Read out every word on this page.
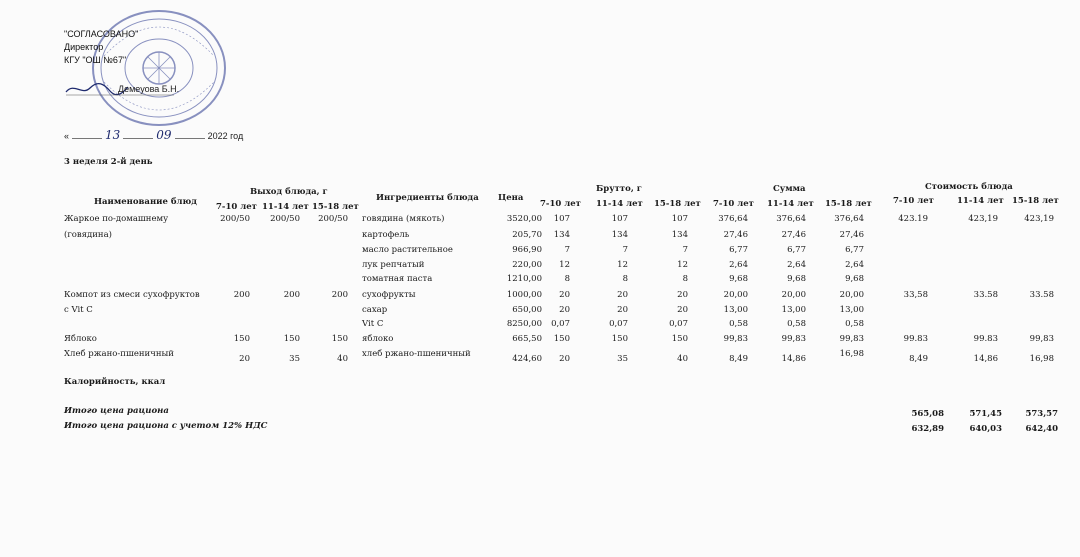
"СОГЛАСОВАНО"
Директор
КГУ "ОШ №67"
Демеуова Б.Н.
«	13	09	2022 год
3 неделя 2-й день
Наименование блюд
Выход блюда, г
7-10 лет 11-14 лет 15-18 лет
Ингредиенты блюда Цена
Брутто, г
7-10 лет 11-14 лет 15-18 лет
Сумма
7-10 лет 11-14 лет 15-18 лет
Стоимость блюда
7-10 лет	11-14 лет 15-18 лет
Жаркое по-домашнему	200/50	200/50	200/50 говядина (мякоть)	3520,00	107	107	107	376,64	376,64	376,64	423.19	423,19	423,19
(говядина)	картофель	205,70	134	134	134	27,46	27,46	27,46
масло растительное	966,90	7	7	7	6,77	6,77	6,77
лук репчатый	220,00	12	12	12	2,64	2,64	2,64
томатная паста	1210,00	8	8	8	9,68	9,68	9,68
Компот из смеси сухофруктов	200	200	200 сухофрукты	1000,00	20	20	20	20,00	20,00	20,00	33,58	33.58	33.58
с Vit C	сахар	650,00	20	20	20	13,00	13,00	13,00
Vit C	8250,00	0,07	0,07	0,07	0,58	0,58	0,58
Яблоко	150	150	150 яблоко	665,50	150	150	150	99,83	99,83	99,83	99.83	99.83	99,83
Хлеб ржано-пшеничный	20	35	40 хлеб ржано-пшеничный	424,60	20	35	40	8,49	14,86	16,98	8,49	14,86	16,98
Калорийность, ккал
Итого цена рациона	565,08	571,45	573,57
Итого цена рациона с учетом 12% НДС	632,89	640,03	642,40
